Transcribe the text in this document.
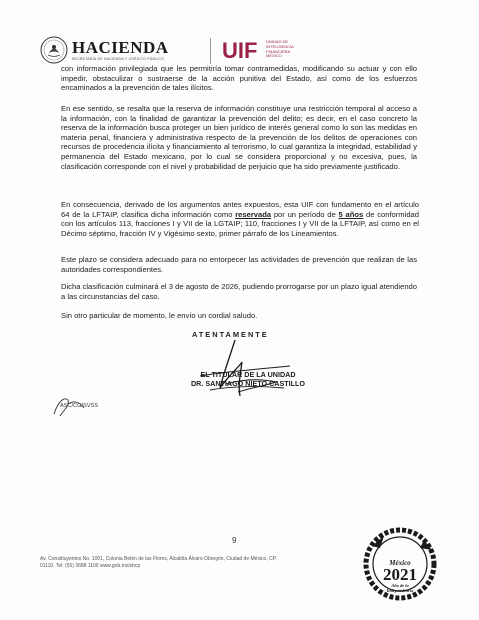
HACIENDA
SECRETARÍA DE HACIENDA Y CRÉDITO PÚBLICO	UIF UNIDAD DE
INTELIGENCIA
FINANCIERA
MÉXICO

con información privilegiada que les permitiría tomar contramedidas, modificando su actuar y con ello impedir, obstaculizar o sustraerse de la acción punitiva del Estado, así como de los esfuerzos encaminados a la prevención de tales ilícitos.

En ese sentido, se resalta que la reserva de información constituye una restricción temporal al acceso a la información, con la finalidad de garantizar la prevención del delito; es decir, en el caso concreto la reserva de la información busca proteger un bien jurídico de interés general como lo son las medidas en materia penal, financiera y administrativa respecto de la prevención de los delitos de operaciones con recursos de procedencia ilícita y financiamiento al terrorismo, lo cual garantiza la integridad, estabilidad y permanencia del Estado mexicano, por lo cual se considera proporcional y no excesiva, pues, la clasificación corresponde con el nivel y probabilidad de perjuicio que ha sido previamente justificado.

En consecuencia, derivado de los argumentos antes expuestos, esta UIF con fundamento en el artículo 64 de la LFTAIP, clasifica dicha información como reservada por un período de 5 años de conformidad con los artículos 113, fracciones I y VII de la LGTAIP; 110, fracciones I y VII de la LFTAIP, así como en el Décimo séptimo, fracción IV y Vigésimo sexto, primer párrafo de los Lineamientos.

Este plazo se considera adecuado para no entorpecer las actividades de prevención que realizan de las autoridades correspondientes.

Dicha clasificación culminará el 3 de agosto de 2026, pudiendo prorrogarse por un plazo igual atendiendo a las circunstancias del caso.

Sin otro particular de momento, le envío un cordial saludo.

ATENTAMENTE
EL TITULAR DE LA UNIDAD
DR. SANTIAGO NIETO CASTILLO
ASC/CG/SVSS
9
Av. Constituyentes No. 1001, Colonia Belén de las Flores, Alcaldía Álvaro Obregón, Ciudad de México, CP.
01110. Tel: (55) 3688 1100 www.gob.mx/shcp	México
2021
Año de la Independencia
